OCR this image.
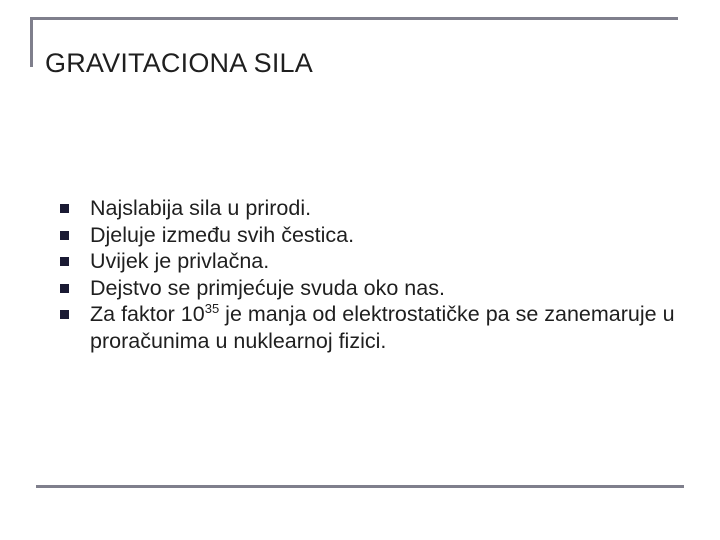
GRAVITACIONA SILA
Najslabija sila u prirodi.
Djeluje između svih čestica.
Uvijek je privlačna.
Dejstvo se primjećuje svuda oko nas.
Za faktor $10^{35}$ je manja od elektrostatičke pa se zanemaruje u proračunima u nuklearnoj fizici.
